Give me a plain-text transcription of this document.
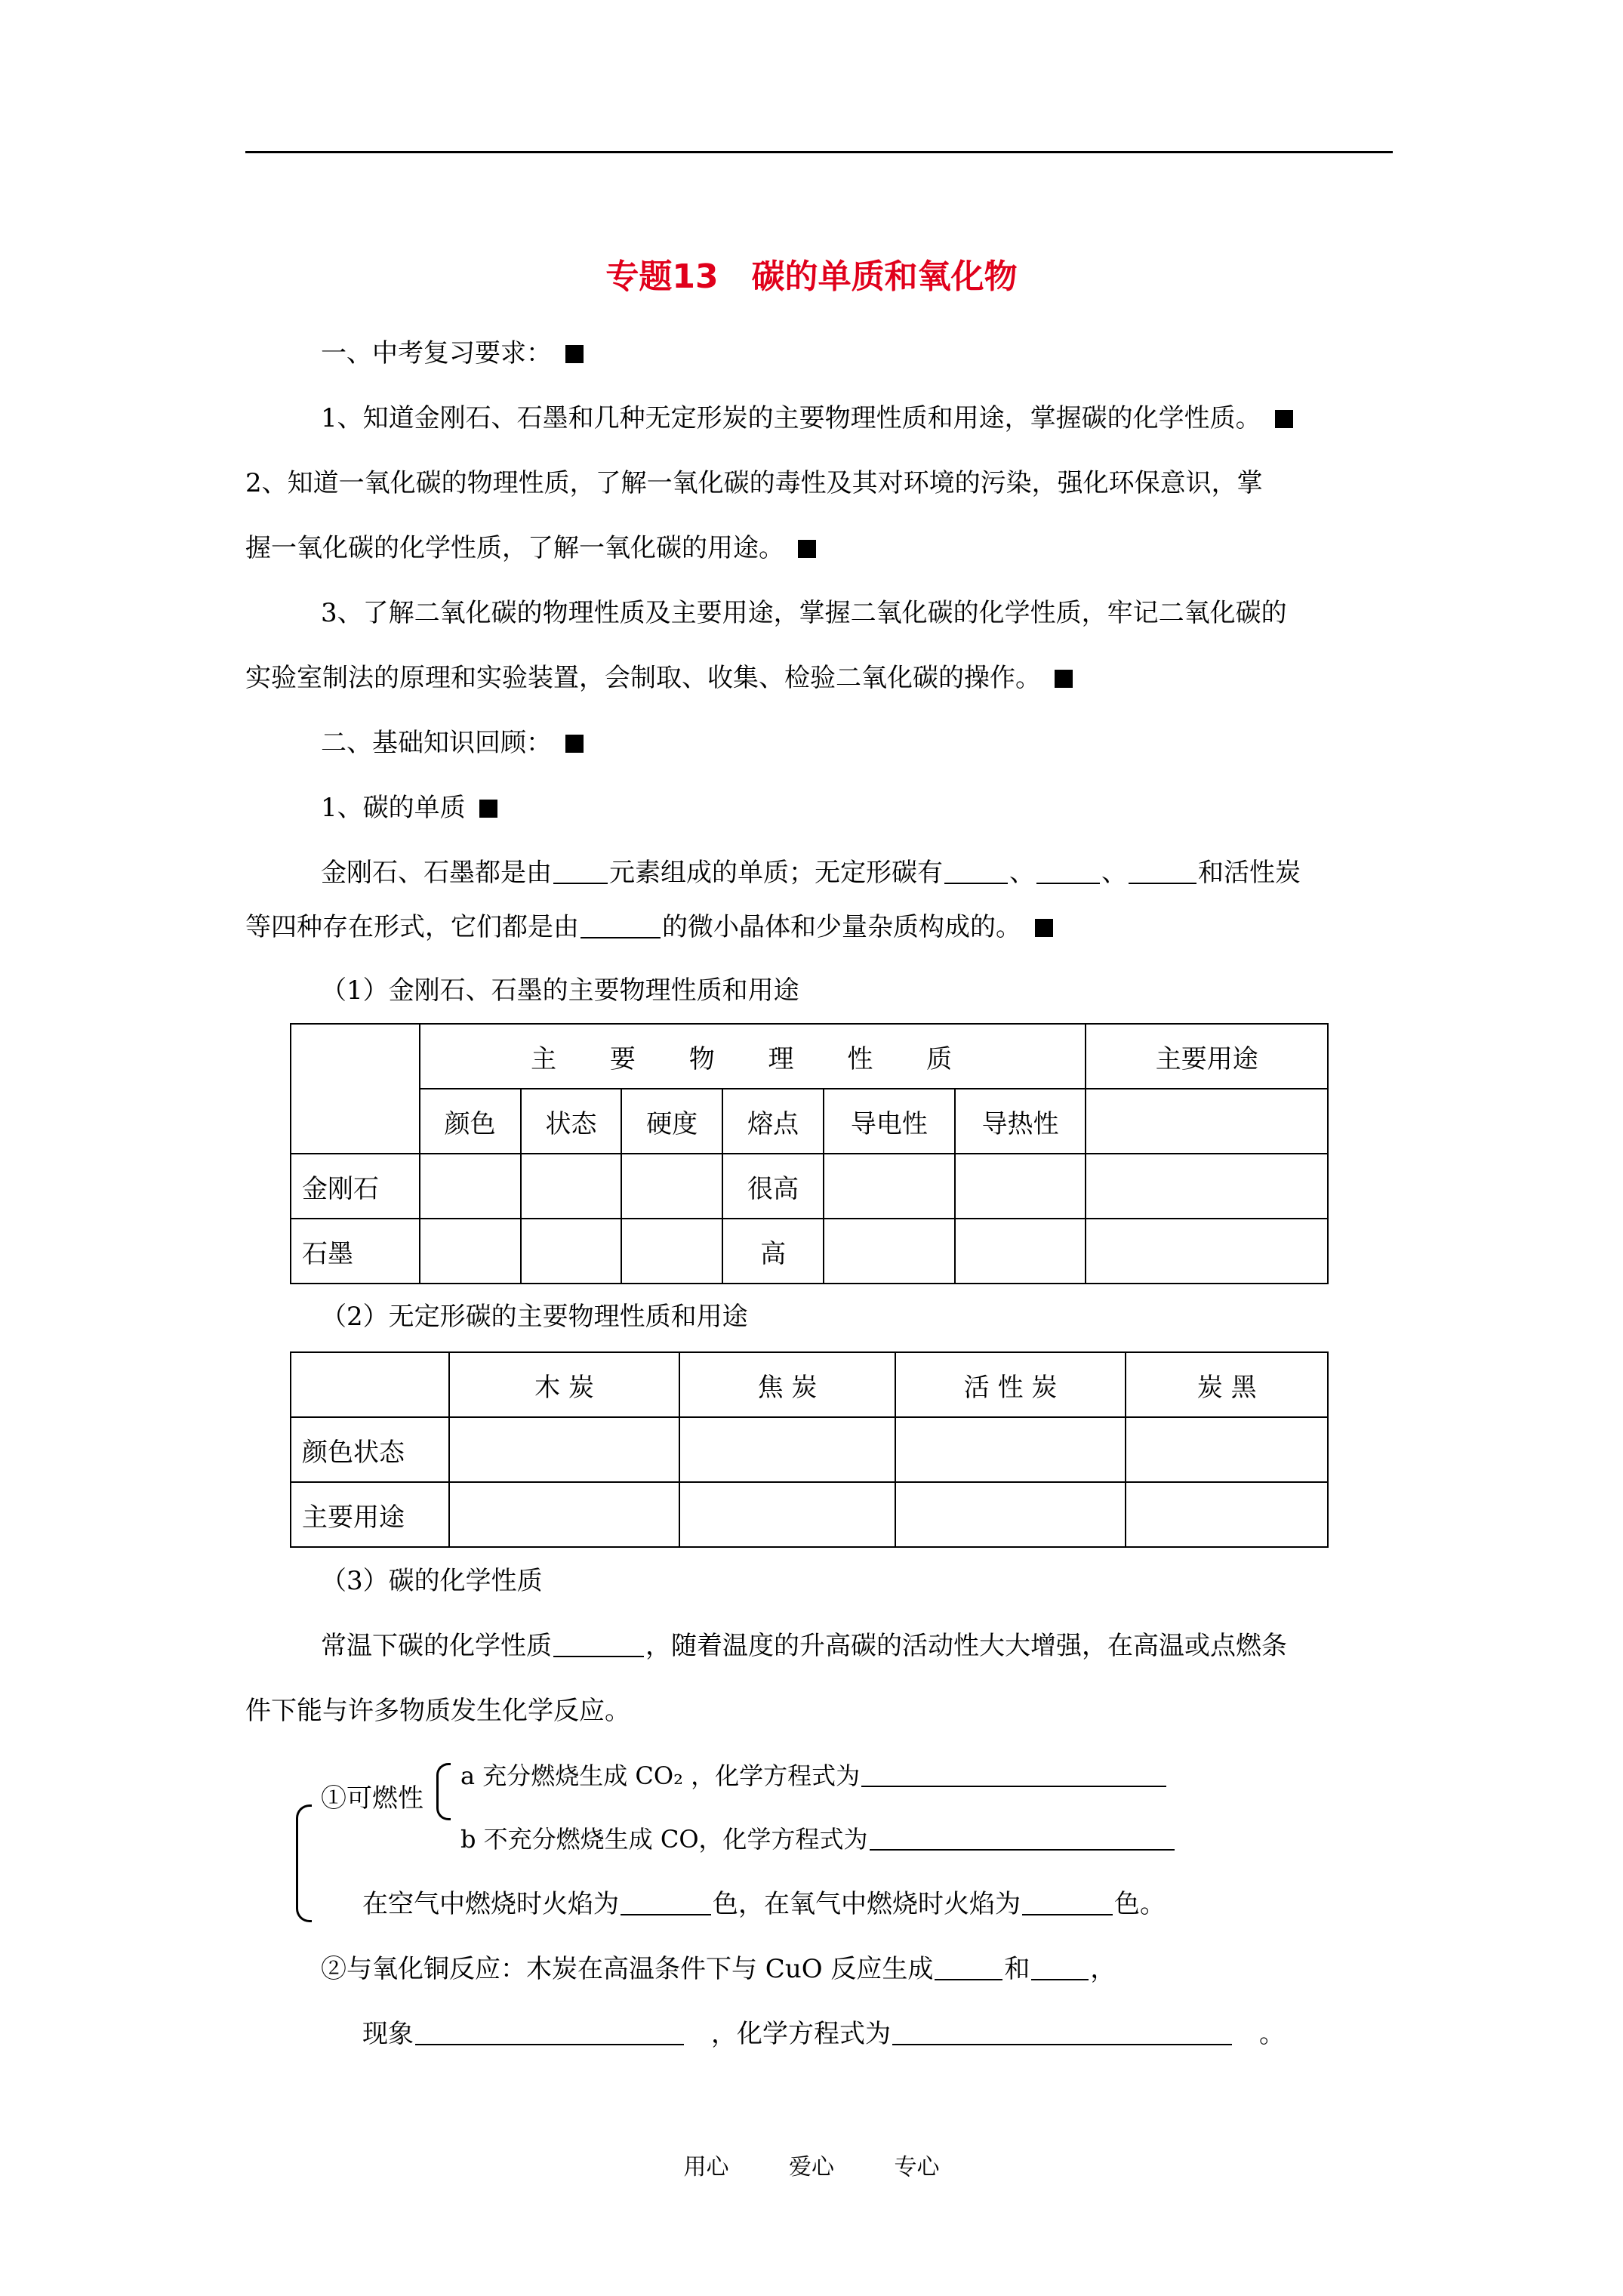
专题13　碳的单质和氧化物
一、中考复习要求：
1、知道金刚石、石墨和几种无定形炭的主要物理性质和用途，掌握碳的化学性质。
2、知道一氧化碳的物理性质，了解一氧化碳的毒性及其对环境的污染，强化环保意识，掌
握一氧化碳的化学性质，了解一氧化碳的用途。
3、了解二氧化碳的物理性质及主要用途，掌握二氧化碳的化学性质，牢记二氧化碳的
实验室制法的原理和实验装置，会制取、收集、检验二氧化碳的操作。
二、基础知识回顾：
1、碳的单质
金刚石、石墨都是由 元素组成的单质；无定形碳有	、	、	和活性炭
等四种存在形式，它们都是由	的微小晶体和少量杂质构成的。
（1）金刚石、石墨的主要物理性质和用途
	主 要 物 理 性 质						主要用途
	颜色	状态	硬度	熔点	导电性	导热性	
金刚石				很高			
石墨				高			
（2）无定形碳的主要物理性质和用途
	木 炭	焦 炭	活 性 炭	炭 黑
颜色状态				
主要用途				
（3）碳的化学性质
常温下碳的化学性质	，随着温度的升高碳的活动性大大增强，在高温或点燃条
件下能与许多物质发生化学反应。
①可燃性
a 充分燃烧生成 CO₂ ，化学方程式为
b 不充分燃烧生成 CO，化学方程式为
在空气中燃烧时火焰为	色，在氧气中燃烧时火焰为	色。
②与氧化铜反应：木炭在高温条件下与 CuO 反应生成	和 ，
现象　	，化学方程式为　	。
用心 爱心 专心
